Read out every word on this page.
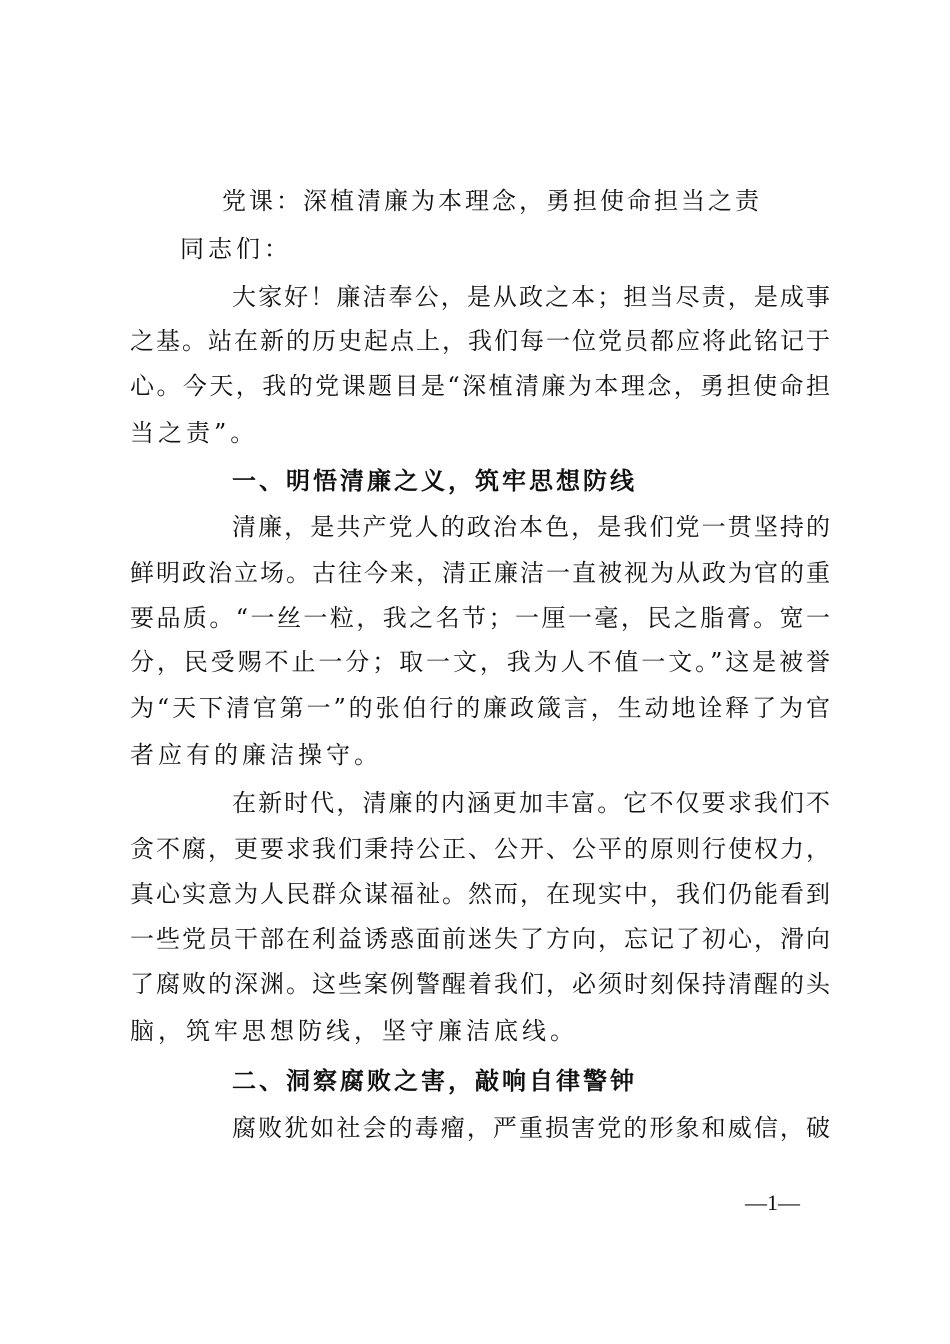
党课：深植清廉为本理念，勇担使命担当之责
同志们：
大家好！廉洁奉公，是从政之本；担当尽责，是成事
之基。站在新的历史起点上，我们每一位党员都应将此铭记于
心。今天，我的党课题目是“深植清廉为本理念，勇担使命担
当之责”。
一、明悟清廉之义，筑牢思想防线
清廉，是共产党人的政治本色，是我们党一贯坚持的
鲜明政治立场。古往今来，清正廉洁一直被视为从政为官的重
要品质。“一丝一粒，我之名节；一厘一毫，民之脂膏。宽一
分，民受赐不止一分；取一文，我为人不值一文。”这是被誉
为“天下清官第一”的张伯行的廉政箴言，生动地诠释了为官
者应有的廉洁操守。
在新时代，清廉的内涵更加丰富。它不仅要求我们不
贪不腐，更要求我们秉持公正、公开、公平的原则行使权力，
真心实意为人民群众谋福祉。然而，在现实中，我们仍能看到
一些党员干部在利益诱惑面前迷失了方向，忘记了初心，滑向
了腐败的深渊。这些案例警醒着我们，必须时刻保持清醒的头
脑，筑牢思想防线，坚守廉洁底线。
二、洞察腐败之害，敲响自律警钟
腐败犹如社会的毒瘤，严重损害党的形象和威信，破
—1—
